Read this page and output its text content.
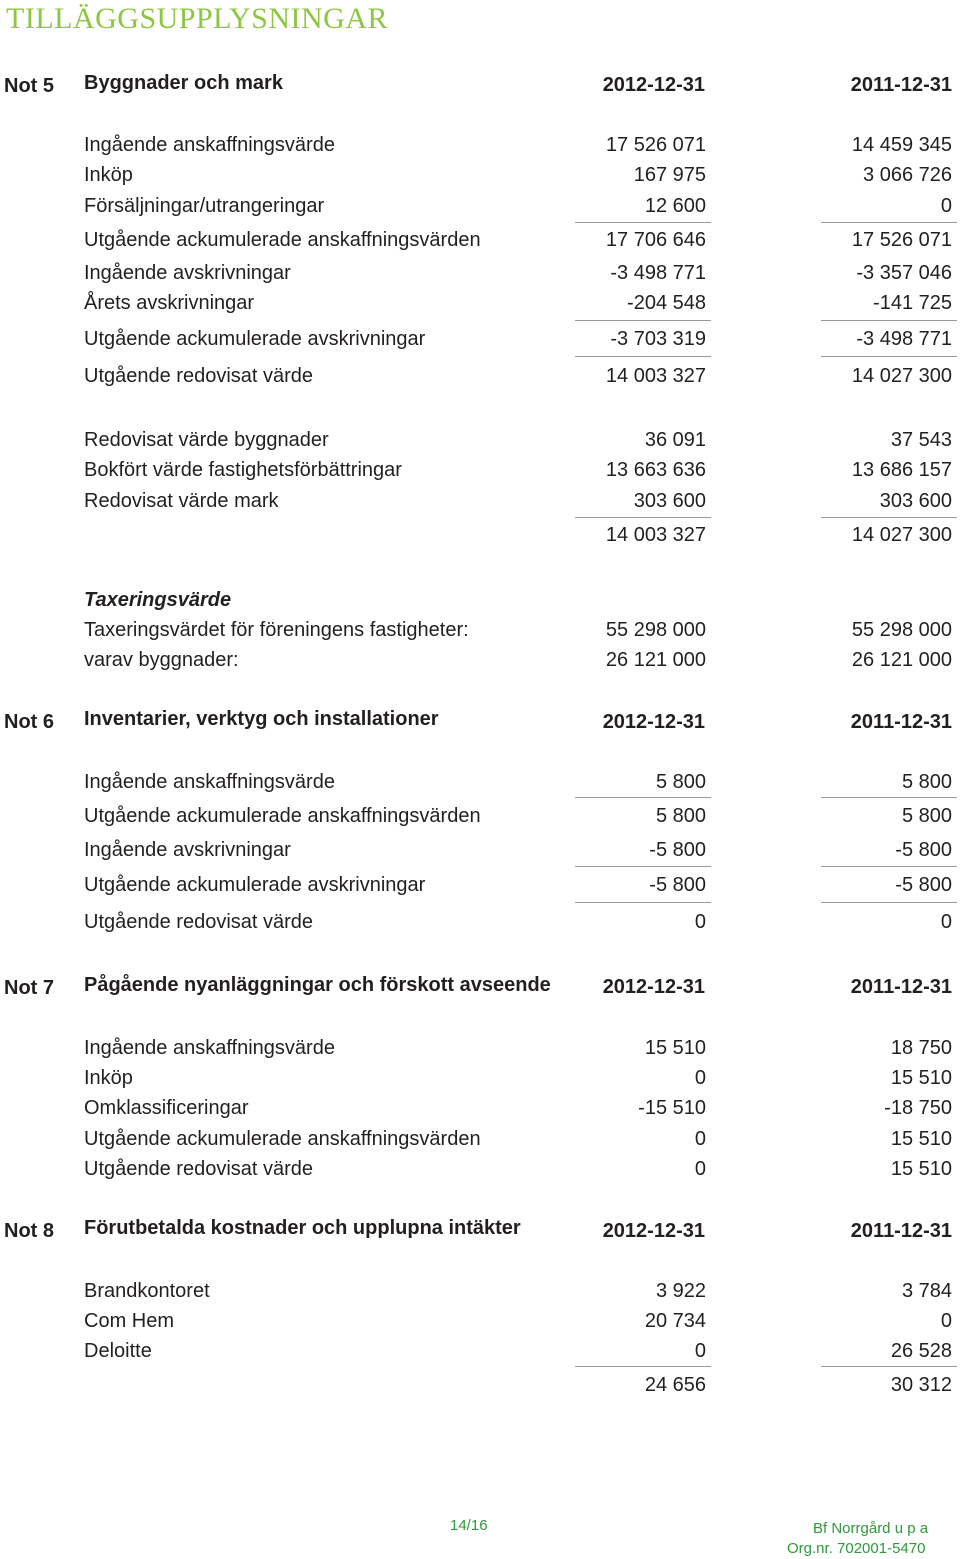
TILLÄGGSUPPLYSNINGAR
Not 5 Byggnader och mark	2012-12-31	2011-12-31
Ingående anskaffningsvärde	17 526 071	14 459 345
Inköp	167 975	3 066 726
Försäljningar/utrangeringar	12 600	0
Utgående ackumulerade anskaffningsvärden	17 706 646	17 526 071
Ingående avskrivningar	-3 498 771	-3 357 046
Årets avskrivningar	-204 548	-141 725
Utgående ackumulerade avskrivningar	-3 703 319	-3 498 771
Utgående redovisat värde	14 003 327	14 027 300
Redovisat värde byggnader	36 091	37 543
Bokfört värde fastighetsförbättringar	13 663 636	13 686 157
Redovisat värde mark	303 600	303 600
14 003 327	14 027 300
Taxeringsvärde
Taxeringsvärdet för föreningens fastigheter:	55 298 000	55 298 000
varav byggnader:	26 121 000	26 121 000
Not 6 Inventarier, verktyg och installationer	2012-12-31	2011-12-31
Ingående anskaffningsvärde	5 800	5 800
Utgående ackumulerade anskaffningsvärden	5 800	5 800
Ingående avskrivningar	-5 800	-5 800
Utgående ackumulerade avskrivningar	-5 800	-5 800
Utgående redovisat värde	0	0
Not 7 Pågående nyanläggningar och förskott avseende	2012-12-31	2011-12-31
Ingående anskaffningsvärde	15 510	18 750
Inköp	0	15 510
Omklassificeringar	-15 510	-18 750
Utgående ackumulerade anskaffningsvärden	0	15 510
Utgående redovisat värde	0	15 510
Not 8 Förutbetalda kostnader och upplupna intäkter	2012-12-31	2011-12-31
Brandkontoret	3 922	3 784
Com Hem	20 734	0
Deloitte	0	26 528
24 656	30 312
14/16	Bf Norrgård u p a
Org.nr. 702001-5470
